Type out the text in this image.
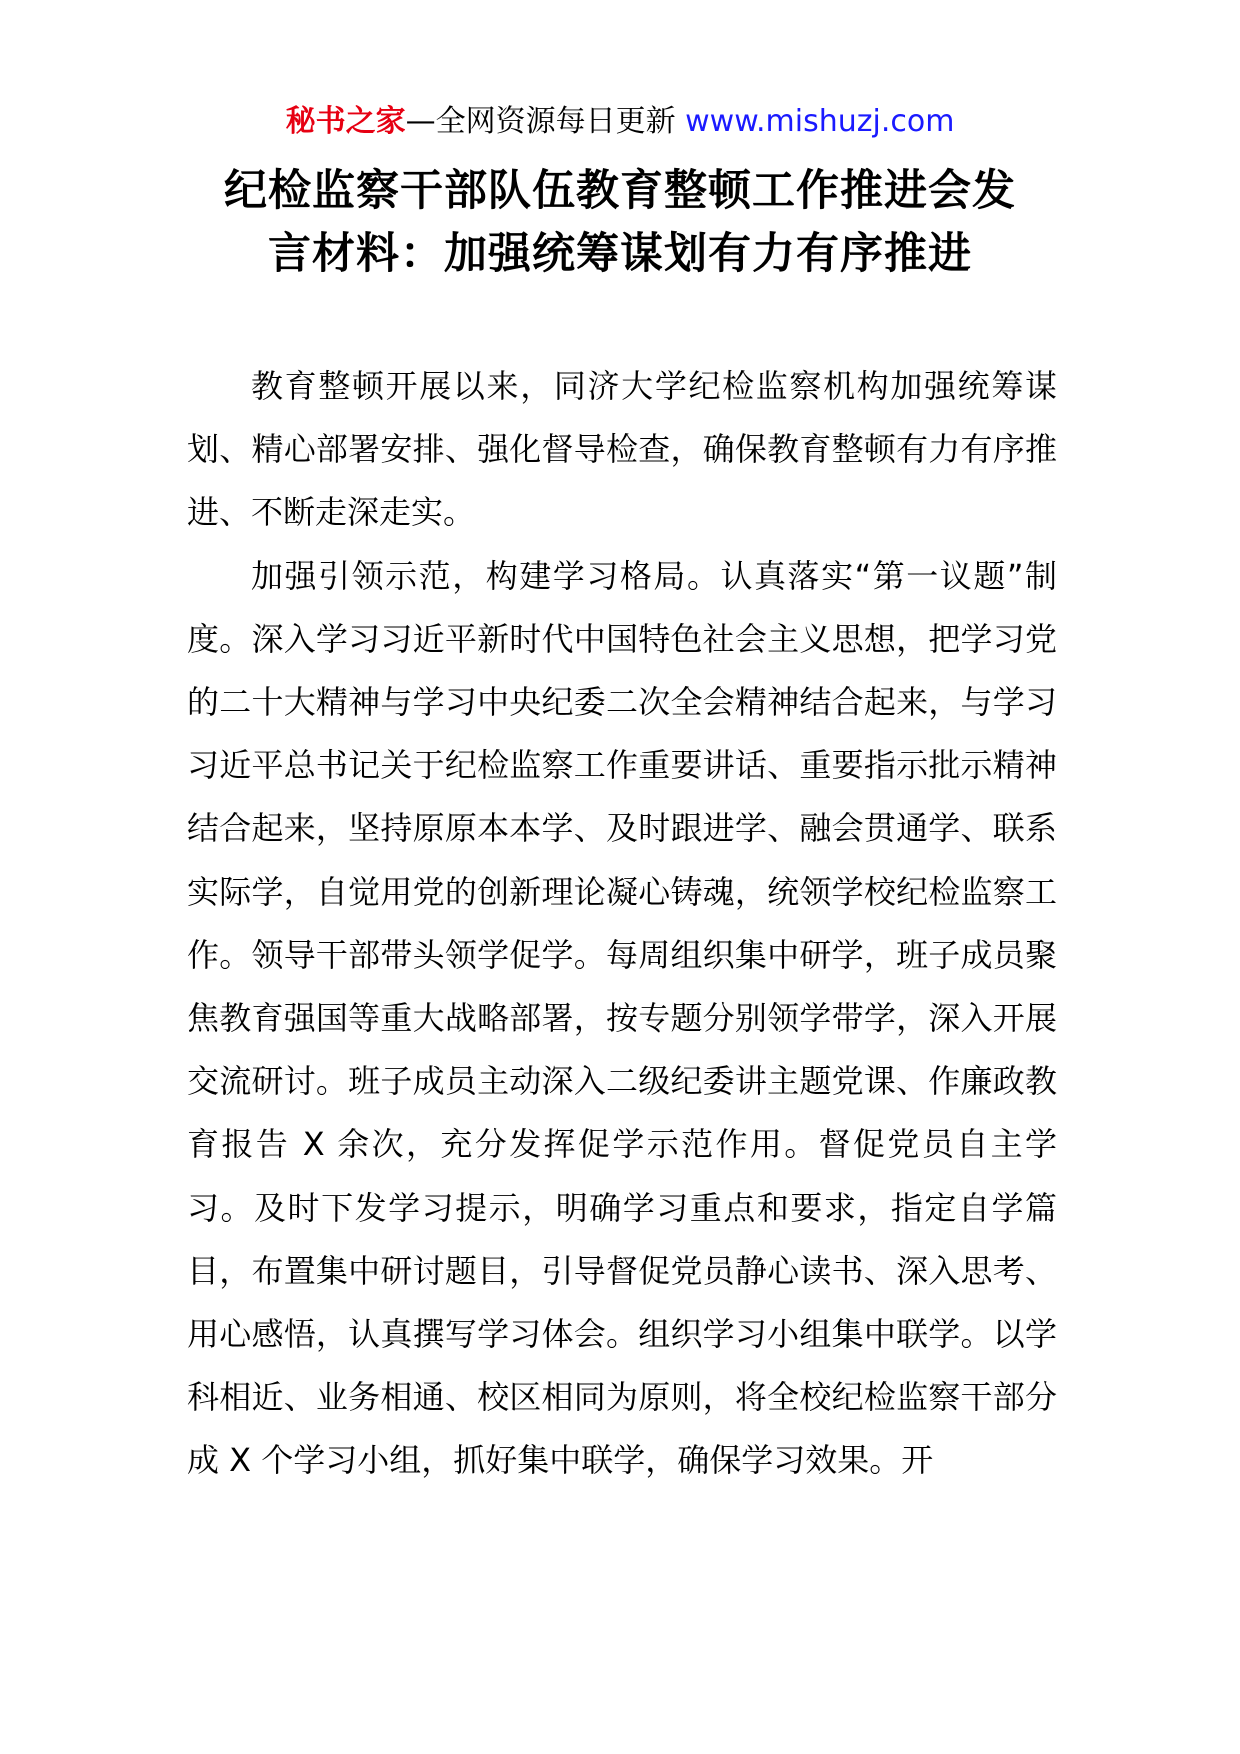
秘书之家—全网资源每日更新 www.mishuzj.com
纪检监察干部队伍教育整顿工作推进会发
言材料：加强统筹谋划有力有序推进

教育整顿开展以来，同济大学纪检监察机构加强统筹谋划、精心部署安排、强化督导检查，确保教育整顿有力有序推进、不断走深走实。

加强引领示范，构建学习格局。认真落实“第一议题”制度。深入学习习近平新时代中国特色社会主义思想，把学习党的二十大精神与学习中央纪委二次全会精神结合起来，与学习习近平总书记关于纪检监察工作重要讲话、重要指示批示精神结合起来，坚持原原本本学、及时跟进学、融会贯通学、联系实际学，自觉用党的创新理论凝心铸魂，统领学校纪检监察工作。领导干部带头领学促学。每周组织集中研学，班子成员聚焦教育强国等重大战略部署，按专题分别领学带学，深入开展交流研讨。班子成员主动深入二级纪委讲主题党课、作廉政教育报告 X 余次，充分发挥促学示范作用。督促党员自主学习。及时下发学习提示，明确学习重点和要求，指定自学篇目，布置集中研讨题目，引导督促党员静心读书、深入思考、用心感悟，认真撰写学习体会。组织学习小组集中联学。以学科相近、业务相通、校区相同为原则，将全校纪检监察干部分成 X 个学习小组，抓好集中联学，确保学习效果。开
